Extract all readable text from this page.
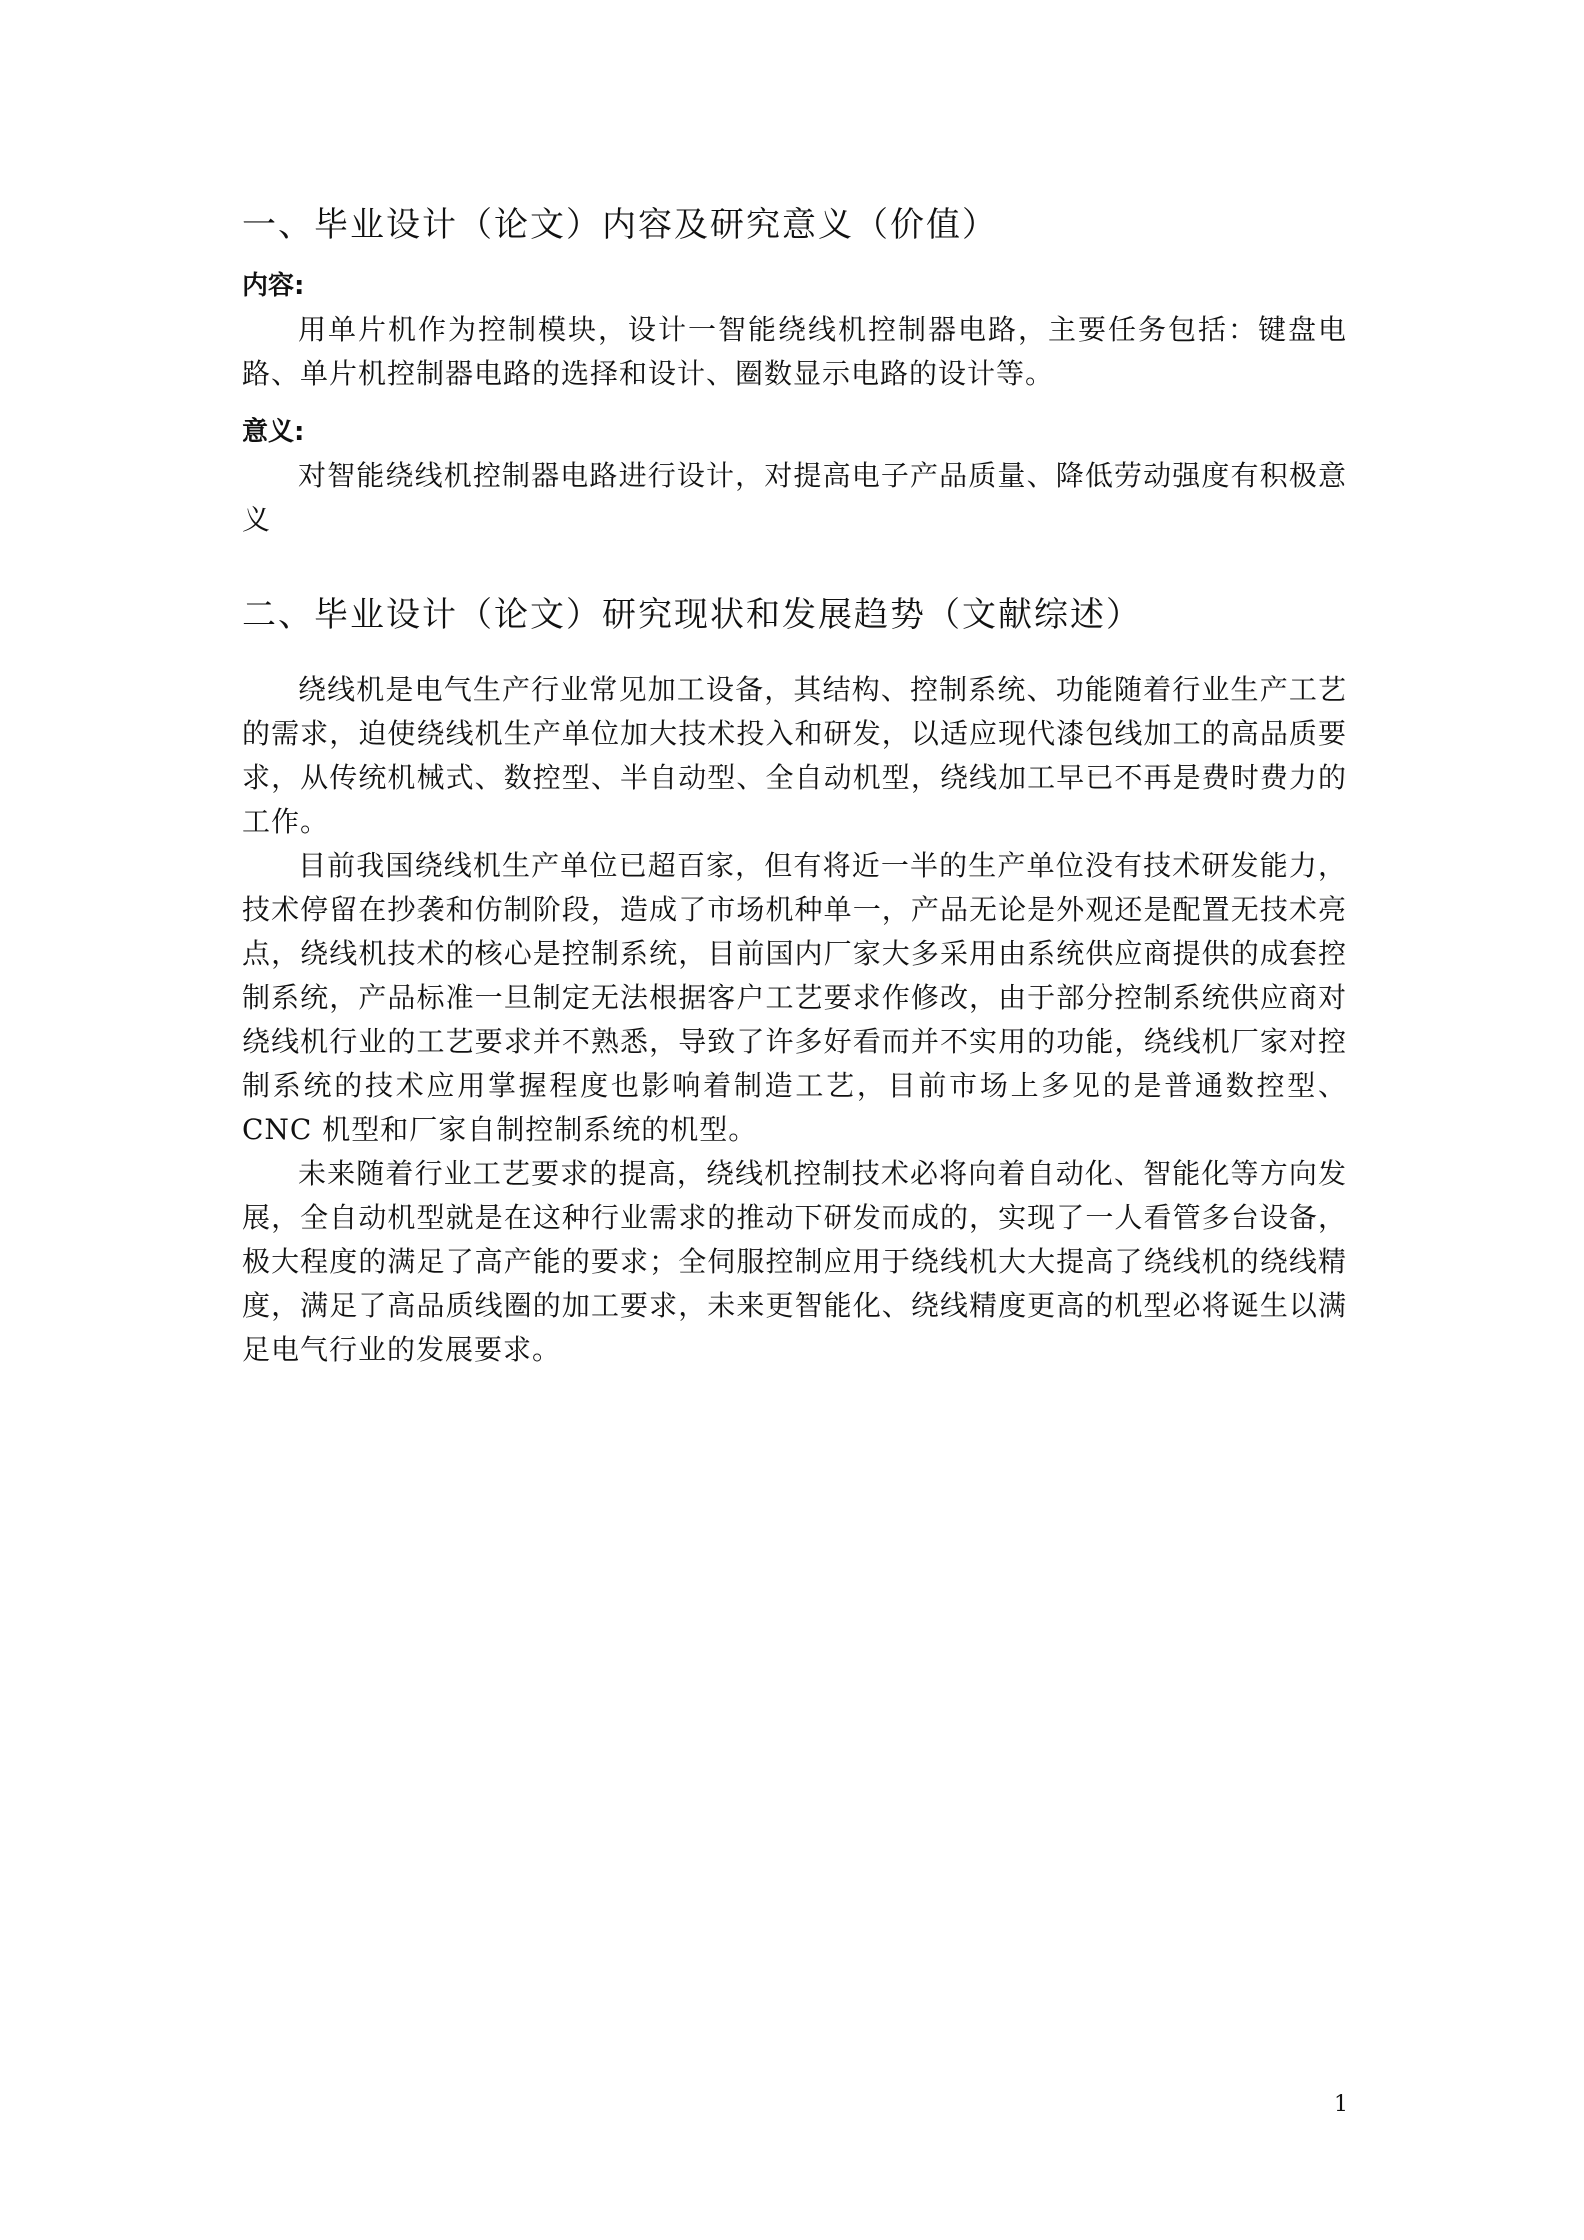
一、毕业设计（论文）内容及研究意义（价值）

内容:

用单片机作为控制模块，设计一智能绕线机控制器电路，主要任务包括：键盘电路、单片机控制器电路的选择和设计、圈数显示电路的设计等。

意义:

对智能绕线机控制器电路进行设计，对提高电子产品质量、降低劳动强度有积极意义

二、毕业设计（论文）研究现状和发展趋势（文献综述）

绕线机是电气生产行业常见加工设备，其结构、控制系统、功能随着行业生产工艺的需求，迫使绕线机生产单位加大技术投入和研发，以适应现代漆包线加工的高品质要求，从传统机械式、数控型、半自动型、全自动机型，绕线加工早已不再是费时费力的工作。

目前我国绕线机生产单位已超百家，但有将近一半的生产单位没有技术研发能力，技术停留在抄袭和仿制阶段，造成了市场机种单一，产品无论是外观还是配置无技术亮点，绕线机技术的核心是控制系统，目前国内厂家大多采用由系统供应商提供的成套控制系统，产品标准一旦制定无法根据客户工艺要求作修改，由于部分控制系统供应商对绕线机行业的工艺要求并不熟悉，导致了许多好看而并不实用的功能，绕线机厂家对控制系统的技术应用掌握程度也影响着制造工艺，目前市场上多见的是普通数控型、CNC 机型和厂家自制控制系统的机型。

未来随着行业工艺要求的提高，绕线机控制技术必将向着自动化、智能化等方向发展，全自动机型就是在这种行业需求的推动下研发而成的，实现了一人看管多台设备，极大程度的满足了高产能的要求；全伺服控制应用于绕线机大大提高了绕线机的绕线精度，满足了高品质线圈的加工要求，未来更智能化、绕线精度更高的机型必将诞生以满足电气行业的发展要求。

1
